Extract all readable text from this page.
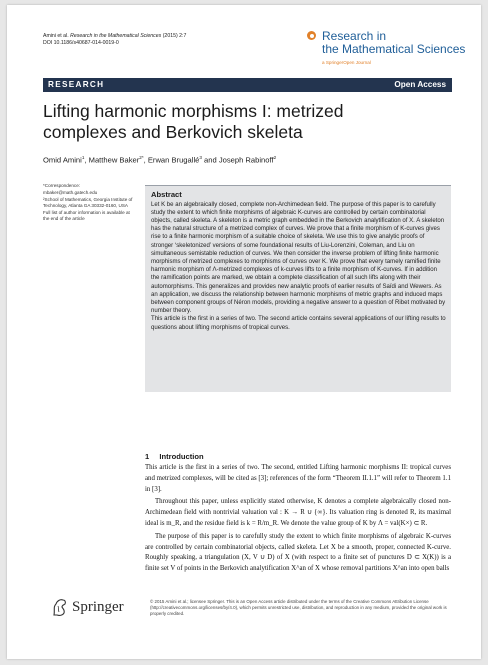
Amini et al. Research in the Mathematical Sciences (2015) 2:7
DOI 10.1186/s40687-014-0019-0	Research in
the Mathematical Sciences
a SpringerOpen Journal
RESEARCH	Open Access
Lifting harmonic morphisms I: metrized
complexes and Berkovich skeleta
Omid Amini$^1$, Matthew Baker$^{2*}$, Erwan Brugallé$^3$ and Joseph Rabinoff$^2$

*Correspondence:

mbaker@math.gatech.edu

²School of Mathematics, Georgia Institute of Technology, Atlanta GA 30332-0160, USA

Full list of author information is available at the end of the article

Abstract

Let K be an algebraically closed, complete non-Archimedean field. The purpose of this paper is to carefully study the extent to which finite morphisms of algebraic K-curves are controlled by certain combinatorial objects, called skeleta. A skeleton is a metric graph embedded in the Berkovich analytification of X. A skeleton has the natural structure of a metrized complex of curves. We prove that a finite morphism of K-curves gives rise to a finite harmonic morphism of a suitable choice of skeleta. We use this to give analytic proofs of stronger ‘skeletonized’ versions of some foundational results of Liu-Lorenzini, Coleman, and Liu on simultaneous semistable reduction of curves. We then consider the inverse problem of lifting finite harmonic morphisms of metrized complexes to morphisms of curves over K. We prove that every tamely ramified finite harmonic morphism of Λ-metrized complexes of k-curves lifts to a finite morphism of K-curves. If in addition the ramification points are marked, we obtain a complete classification of all such lifts along with their automorphisms. This generalizes and provides new analytic proofs of earlier results of Saïdi and Wewers. As an application, we discuss the relationship between harmonic morphisms of metric graphs and induced maps between component groups of Néron models, providing a negative answer to a question of Ribet motivated by number theory.

This article is the first in a series of two. The second article contains several applications of our lifting results to questions about lifting morphisms of tropical curves.

1 Introduction

This article is the first in a series of two. The second, entitled Lifting harmonic morphisms II: tropical curves and metrized complexes, will be cited as [3]; references of the form “Theorem II.1.1” will refer to Theorem 1.1 in [3].

Throughout this paper, unless explicitly stated otherwise, K denotes a complete algebraically closed non-Archimedean field with nontrivial valuation val : K → R ∪ {∞}. Its valuation ring is denoted R, its maximal ideal is m_R, and the residue field is k = R/m_R. We denote the value group of K by Λ = val(K×) ⊂ R.

The purpose of this paper is to carefully study the extent to which finite morphisms of algebraic K-curves are controlled by certain combinatorial objects, called skeleta. Let X be a smooth, proper, connected K-curve. Roughly speaking, a triangulation (X, V ∪ D) of X (with respect to a finite set of punctures D ⊂ X(K)) is a finite set V of points in the Berkovich analytification X^an of X whose removal partitions X^an into open balls

Springer	© 2015 Amini et al.; licensee Springer. This is an Open Access article distributed under the terms of the Creative Commons Attribution License (http://creativecommons.org/licenses/by/4.0), which permits unrestricted use, distribution, and reproduction in any medium, provided the original work is properly credited.
